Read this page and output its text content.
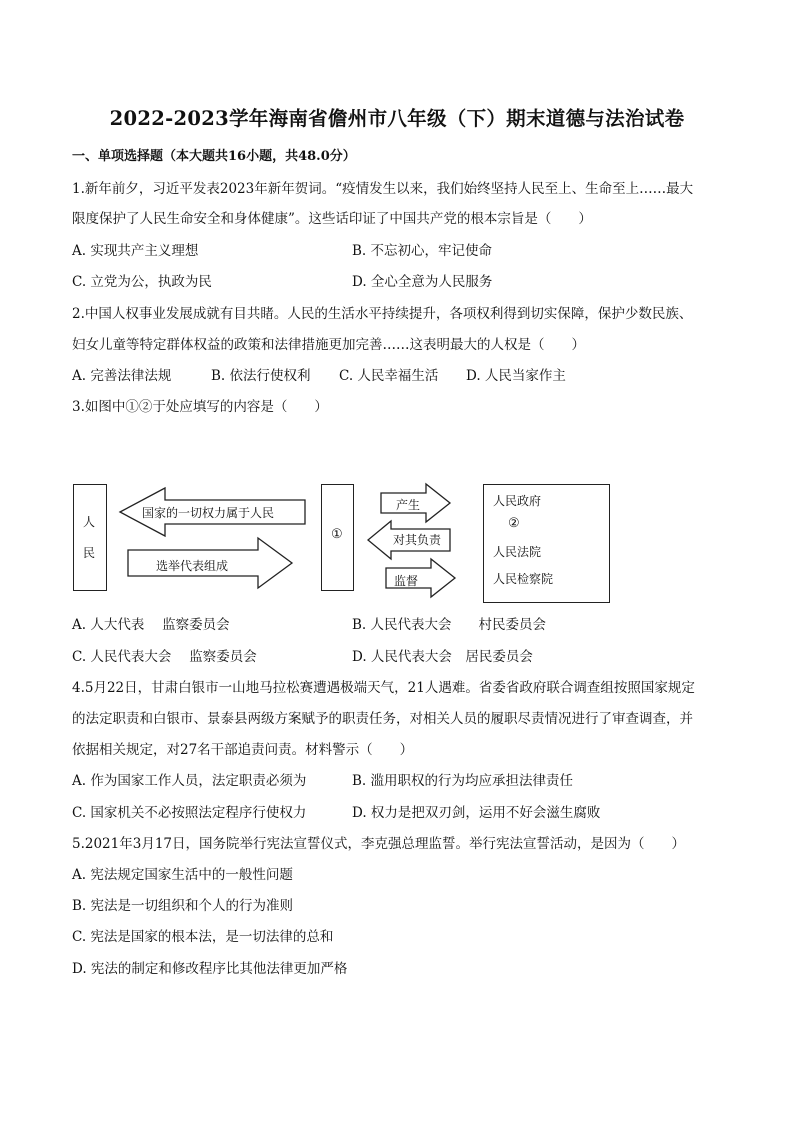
2022-2023学年海南省儋州市八年级（下）期末道德与法治试卷
一、单项选择题（本大题共16小题，共48.0分）
1.新年前夕，习近平发表2023年新年贺词。“疫情发生以来，我们始终坚持人民至上、生命至上……最大
限度保护了人民生命安全和身体健康”。这些话印证了中国共产党的根本宗旨是（　　）
A. 实现共产主义理想	B. 不忘初心，牢记使命
C. 立党为公，执政为民	D. 全心全意为人民服务
2.中国人权事业发展成就有目共睹。人民的生活水平持续提升，各项权利得到切实保障，保护少数民族、
妇女儿童等特定群体权益的政策和法律措施更加完善……这表明最大的人权是（　　）
A. 完善法律法规	B. 依法行使权利 C. 人民幸福生活 D. 人民当家作主
3.如图中①②于处应填写的内容是（　　）
人
民
①
人民政府
②
人民法院
人民检察院
国家的一切权力属于人民
选举代表组成
产生
对其负责
监督
A. 人大代表　 监察委员会	B. 人民代表大会　　村民委员会
C. 人民代表大会　 监察委员会	D. 人民代表大会　居民委员会
4.5月22日，甘肃白银市一山地马拉松赛遭遇极端天气，21人遇难。省委省政府联合调查组按照国家规定
的法定职责和白银市、景泰县两级方案赋予的职责任务，对相关人员的履职尽责情况进行了审查调查，并
依据相关规定，对27名干部追责问责。材料警示（　　）
A. 作为国家工作人员，法定职责必须为	B. 滥用职权的行为均应承担法律责任
C. 国家机关不必按照法定程序行使权力	D. 权力是把双刃剑，运用不好会滋生腐败
5.2021年3月17日，国务院举行宪法宣誓仪式，李克强总理监誓。举行宪法宣誓活动，是因为（　　）
A. 宪法规定国家生活中的一般性问题
B. 宪法是一切组织和个人的行为准则
C. 宪法是国家的根本法，是一切法律的总和
D. 宪法的制定和修改程序比其他法律更加严格
